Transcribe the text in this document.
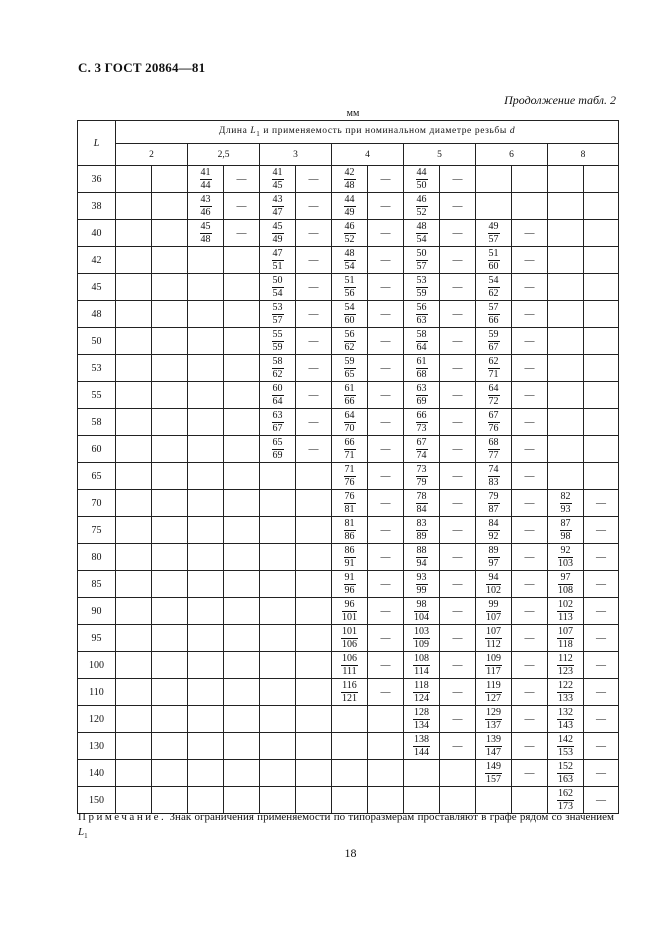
С. 3 ГОСТ 20864—81
Продолжение табл. 2
мм
L	Длина $L_1$ и применяемость при номинальном диаметре резьбы d													
	2		2,5		3		4		5		6		8	
36			$\frac{41}{44}$	—	$\frac{41}{45}$	—	$\frac{42}{48}$	—	$\frac{44}{50}$	—				
38			$\frac{43}{46}$	—	$\frac{43}{47}$	—	$\frac{44}{49}$	—	$\frac{46}{52}$	—				
40			$\frac{45}{48}$	—	$\frac{45}{49}$	—	$\frac{46}{52}$	—	$\frac{48}{54}$	—	$\frac{49}{57}$	—		
42					$\frac{47}{51}$	—	$\frac{48}{54}$	—	$\frac{50}{57}$	—	$\frac{51}{60}$	—		
45					$\frac{50}{54}$	—	$\frac{51}{56}$	—	$\frac{53}{59}$	—	$\frac{54}{62}$	—		
48					$\frac{53}{57}$	—	$\frac{54}{60}$	—	$\frac{56}{63}$	—	$\frac{57}{66}$	—		
50					$\frac{55}{59}$	—	$\frac{56}{62}$	—	$\frac{58}{64}$	—	$\frac{59}{67}$	—		
53					$\frac{58}{62}$	—	$\frac{59}{65}$	—	$\frac{61}{68}$	—	$\frac{62}{71}$	—		
55					$\frac{60}{64}$	—	$\frac{61}{66}$	—	$\frac{63}{69}$	—	$\frac{64}{72}$	—		
58					$\frac{63}{67}$	—	$\frac{64}{70}$	—	$\frac{66}{73}$	—	$\frac{67}{76}$	—		
60					$\frac{65}{69}$	—	$\frac{66}{71}$	—	$\frac{67}{74}$	—	$\frac{68}{77}$	—		
65							$\frac{71}{76}$	—	$\frac{73}{79}$	—	$\frac{74}{83}$	—		
70							$\frac{76}{81}$	—	$\frac{78}{84}$	—	$\frac{79}{87}$	—	$\frac{82}{93}$	—
75							$\frac{81}{86}$	—	$\frac{83}{89}$	—	$\frac{84}{92}$	—	$\frac{87}{98}$	—
80							$\frac{86}{91}$	—	$\frac{88}{94}$	—	$\frac{89}{97}$	—	$\frac{92}{103}$	—
85							$\frac{91}{96}$	—	$\frac{93}{99}$	—	$\frac{94}{102}$	—	$\frac{97}{108}$	—
90							$\frac{96}{101}$	—	$\frac{98}{104}$	—	$\frac{99}{107}$	—	$\frac{102}{113}$	—
95							$\frac{101}{106}$	—	$\frac{103}{109}$	—	$\frac{107}{112}$	—	$\frac{107}{118}$	—
100							$\frac{106}{111}$	—	$\frac{108}{114}$	—	$\frac{109}{117}$	—	$\frac{112}{123}$	—
110							$\frac{116}{121}$	—	$\frac{118}{124}$	—	$\frac{119}{127}$	—	$\frac{122}{133}$	—
120									$\frac{128}{134}$	—	$\frac{129}{137}$	—	$\frac{132}{143}$	—
130									$\frac{138}{144}$	—	$\frac{139}{147}$	—	$\frac{142}{153}$	—
140											$\frac{149}{157}$	—	$\frac{152}{163}$	—
150													$\frac{162}{173}$	—
Примечание. Знак ограничения применяемости по типоразмерам проставляют в графе рядом со значением $L_1$
18
